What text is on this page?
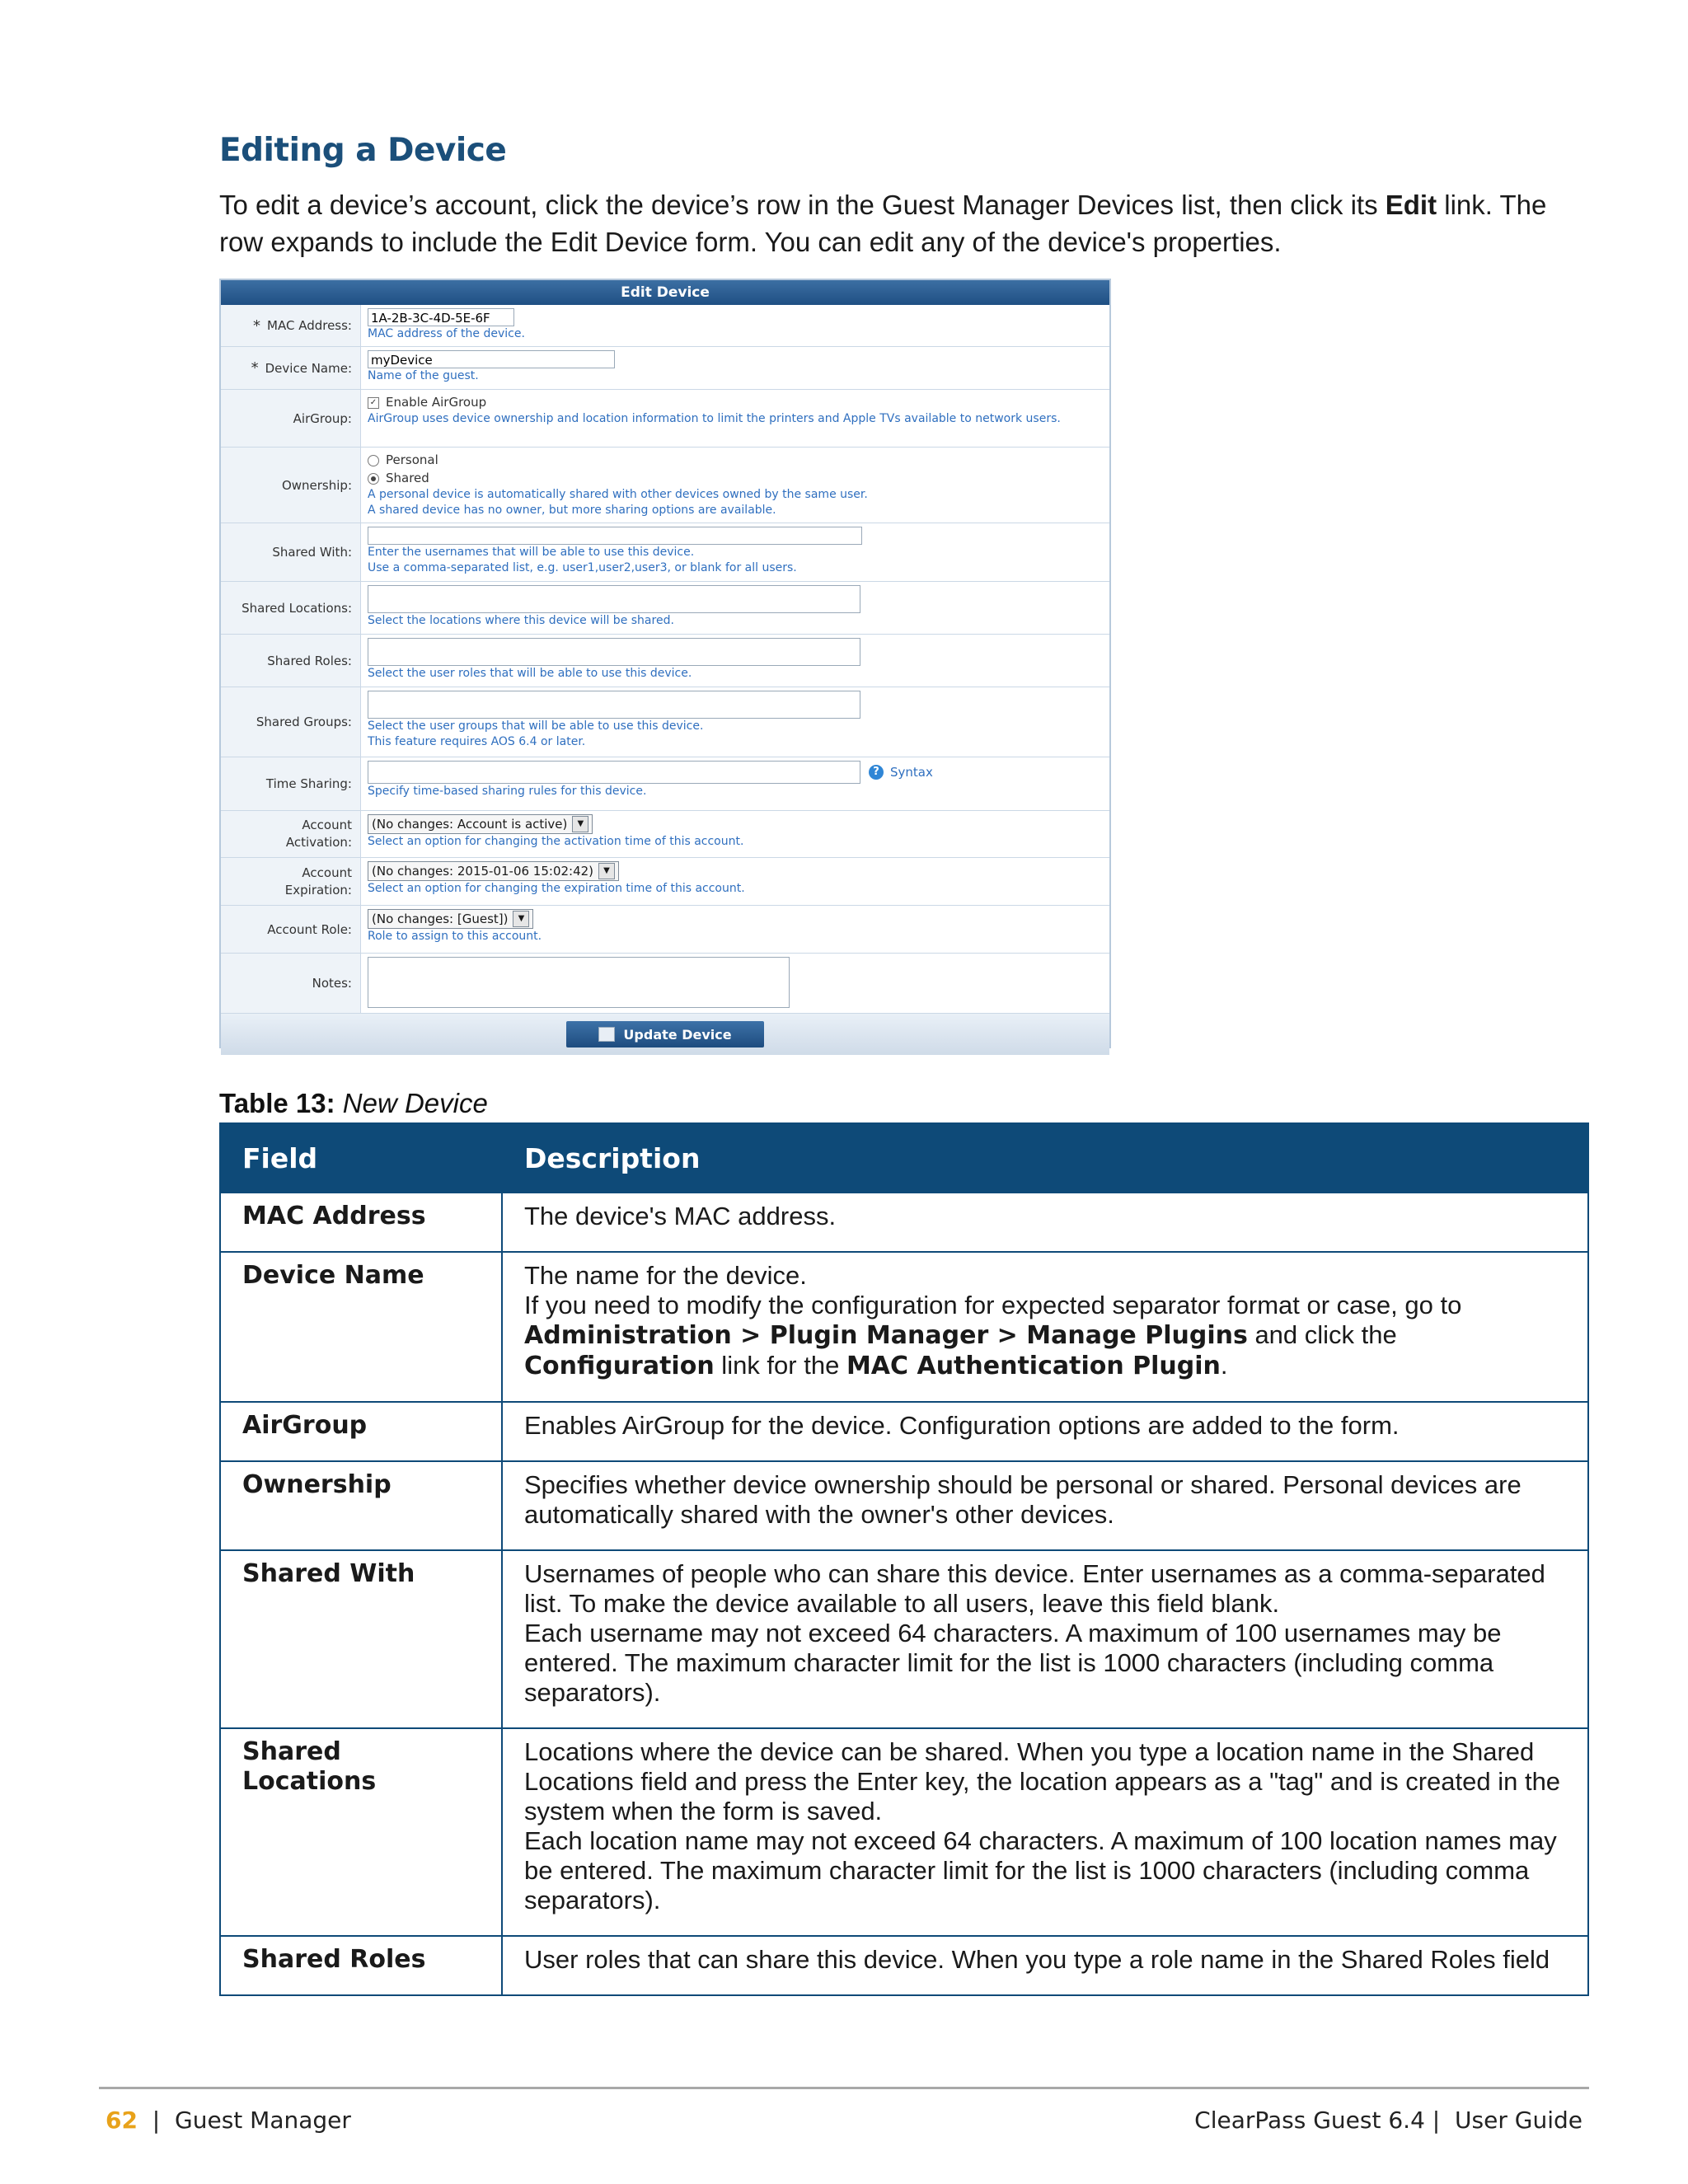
Editing a Device
To edit a device’s account, click the device’s row in the Guest Manager Devices list, then click its Edit link. The row expands to include the Edit Device form. You can edit any of the device's properties.
Edit Device
* MAC Address: 1A-2B-3C-4D-5E-6F
MAC address of the device.
* Device Name:
myDevice
Name of the guest.
AirGroup:
✓ Enable AirGroup
AirGroup uses device ownership and location information to limit the printers and Apple TVs available to network users.
Ownership:
Personal
Shared
A personal device is automatically shared with other devices owned by the same user.
A shared device has no owner, but more sharing options are available.
Shared With:	Enter the usernames that will be able to use this device.
Use a comma-separated list, e.g. user1,user2,user3, or blank for all users.
Shared Locations:
Select the locations where this device will be shared.
Shared Roles:
Select the user roles that will be able to use this device.
Shared Groups:	Select the user groups that will be able to use this device.
This feature requires AOS 6.4 or later.
Time Sharing:
? Syntax
Specify time-based sharing rules for this device.
Account
Activation:
(No changes: Account is active)	▼
Select an option for changing the activation time of this account.
Account
Expiration:
(No changes: 2015-01-06 15:02:42)	▼
Select an option for changing the expiration time of this account.
Account Role:
(No changes: [Guest])	▼
Role to assign to this account.
Notes:
Update Device
Table 13: New Device
Field	Description
MAC Address	The device's MAC address.
Device Name	The name for the device.
If you need to modify the configuration for expected separator format or case, go to Administration > Plugin Manager > Manage Plugins and click the Configuration link for the MAC Authentication Plugin.

AirGroup	Enables AirGroup for the device. Configuration options are added to the form.
Ownership	Specifies whether device ownership should be personal or shared. Personal devices are automatically shared with the owner's other devices.
Shared With	Usernames of people who can share this device. Enter usernames as a comma-separated list. To make the device available to all users, leave this field blank.
Each username may not exceed 64 characters. A maximum of 100 usernames may be entered. The maximum character limit for the list is 1000 characters (including comma separators).

Shared Locations	Locations where the device can be shared. When you type a location name in the Shared Locations field and press the Enter key, the location appears as a "tag" and is created in the system when the form is saved.
Each location name may not exceed 64 characters. A maximum of 100 location names may be entered. The maximum character limit for the list is 1000 characters (including comma separators).

Shared Roles	User roles that can share this device. When you type a role name in the Shared Roles field
62 | Guest Manager	ClearPass Guest 6.4 | User Guide
